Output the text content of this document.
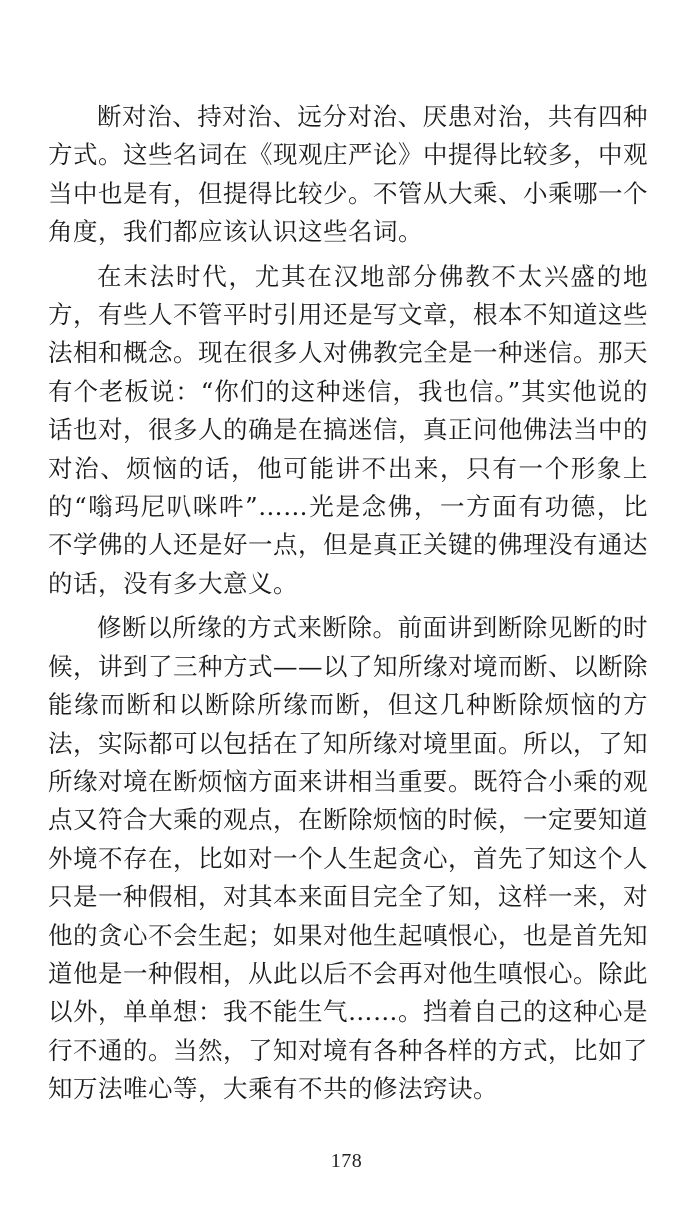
断对治、持对治、远分对治、厌患对治，共有四种方式。这些名词在《现观庄严论》中提得比较多，中观当中也是有，但提得比较少。不管从大乘、小乘哪一个角度，我们都应该认识这些名词。

在末法时代，尤其在汉地部分佛教不太兴盛的地方，有些人不管平时引用还是写文章，根本不知道这些法相和概念。现在很多人对佛教完全是一种迷信。那天有个老板说：“你们的这种迷信，我也信。”其实他说的话也对，很多人的确是在搞迷信，真正问他佛法当中的对治、烦恼的话，他可能讲不出来，只有一个形象上的“嗡玛尼叭咪吽”……光是念佛，一方面有功德，比不学佛的人还是好一点，但是真正关键的佛理没有通达的话，没有多大意义。

修断以所缘的方式来断除。前面讲到断除见断的时候，讲到了三种方式——以了知所缘对境而断、以断除能缘而断和以断除所缘而断，但这几种断除烦恼的方法，实际都可以包括在了知所缘对境里面。所以，了知所缘对境在断烦恼方面来讲相当重要。既符合小乘的观点又符合大乘的观点，在断除烦恼的时候，一定要知道外境不存在，比如对一个人生起贪心，首先了知这个人只是一种假相，对其本来面目完全了知，这样一来，对他的贪心不会生起；如果对他生起嗔恨心，也是首先知道他是一种假相，从此以后不会再对他生嗔恨心。除此以外，单单想：我不能生气……。挡着自己的这种心是行不通的。当然，了知对境有各种各样的方式，比如了知万法唯心等，大乘有不共的修法窍诀。

178
